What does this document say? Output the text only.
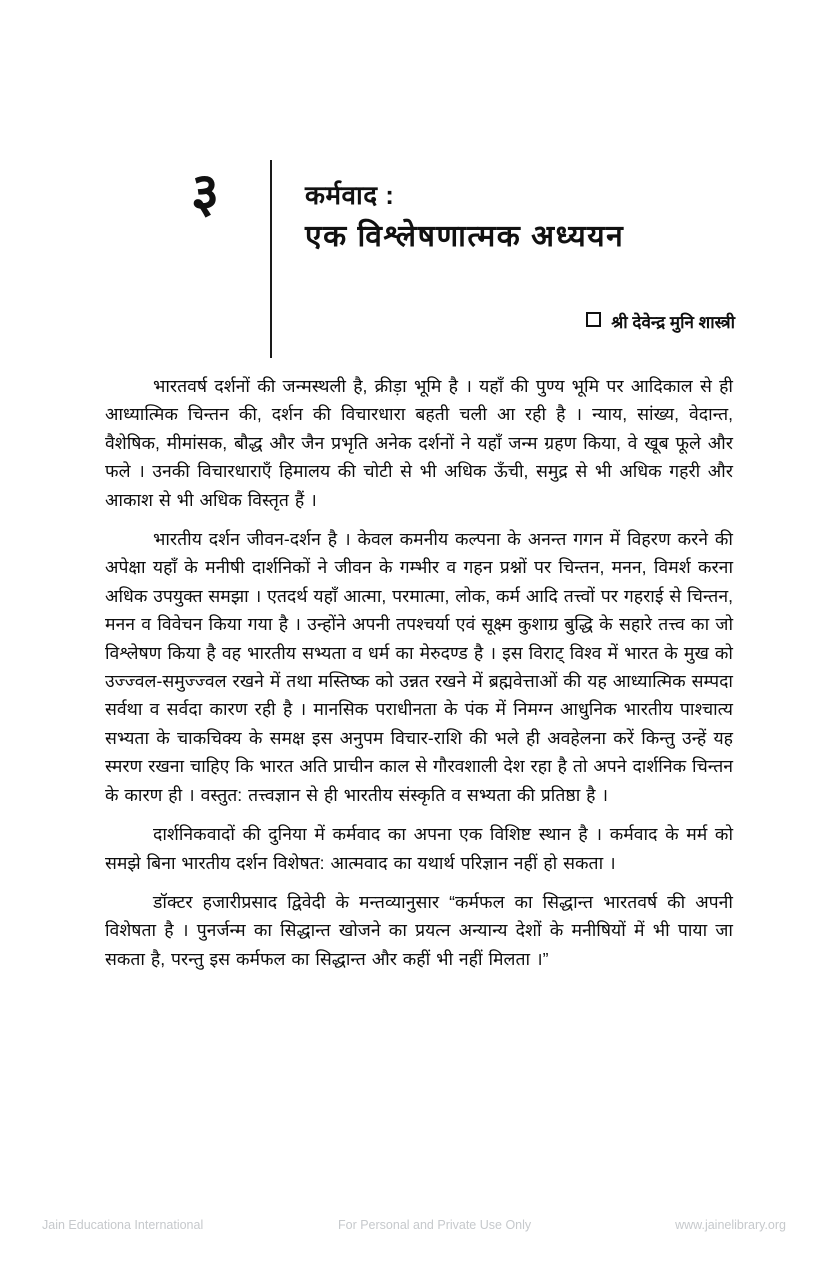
३	कर्मवाद :
एक विश्लेषणात्मक अध्ययन
श्री देवेन्द्र मुनि शास्त्री

भारतवर्ष दर्शनों की जन्मस्थली है, क्रीड़ा भूमि है । यहाँ की पुण्य भूमि पर आदिकाल से ही आध्यात्मिक चिन्तन की, दर्शन की विचारधारा बहती चली आ रही है । न्याय, सांख्य, वेदान्त, वैशेषिक, मीमांसक, बौद्ध और जैन प्रभृति अनेक दर्शनों ने यहाँ जन्म ग्रहण किया, वे खूब फूले और फले । उनकी विचारधाराएँ हिमालय की चोटी से भी अधिक ऊँची, समुद्र से भी अधिक गहरी और आकाश से भी अधिक विस्तृत हैं ।

भारतीय दर्शन जीवन-दर्शन है । केवल कमनीय कल्पना के अनन्त गगन में विहरण करने की अपेक्षा यहाँ के मनीषी दार्शनिकों ने जीवन के गम्भीर व गहन प्रश्नों पर चिन्तन, मनन, विमर्श करना अधिक उपयुक्त समझा । एतदर्थ यहाँ आत्मा, परमात्मा, लोक, कर्म आदि तत्त्वों पर गहराई से चिन्तन, मनन व विवेचन किया गया है । उन्होंने अपनी तपश्चर्या एवं सूक्ष्म कुशाग्र बुद्धि के सहारे तत्त्व का जो विश्लेषण किया है वह भारतीय सभ्यता व धर्म का मेरुदण्ड है । इस विराट् विश्व में भारत के मुख को उज्ज्वल-समुज्ज्वल रखने में तथा मस्तिष्क को उन्नत रखने में ब्रह्मवेत्ताओं की यह आध्यात्मिक सम्पदा सर्वथा व सर्वदा कारण रही है । मानसिक पराधीनता के पंक में निमग्न आधुनिक भारतीय पाश्चात्य सभ्यता के चाकचिक्य के समक्ष इस अनुपम विचार-राशि की भले ही अवहेलना करें किन्तु उन्हें यह स्मरण रखना चाहिए कि भारत अति प्राचीन काल से गौरवशाली देश रहा है तो अपने दार्शनिक चिन्तन के कारण ही । वस्तुत: तत्त्वज्ञान से ही भारतीय संस्कृति व सभ्यता की प्रतिष्ठा है ।

दार्शनिकवादों की दुनिया में कर्मवाद का अपना एक विशिष्ट स्थान है । कर्मवाद के मर्म को समझे बिना भारतीय दर्शन विशेषत: आत्मवाद का यथार्थ परिज्ञान नहीं हो सकता ।

डॉक्टर हजारीप्रसाद द्विवेदी के मन्तव्यानुसार “कर्मफल का सिद्धान्त भारतवर्ष की अपनी विशेषता है । पुनर्जन्म का सिद्धान्त खोजने का प्रयत्न अन्यान्य देशों के मनीषियों में भी पाया जा सकता है, परन्तु इस कर्मफल का सिद्धान्त और कहीं भी नहीं मिलता ।”

Jain Educationa International	For Personal and Private Use Only	www.jainelibrary.org
